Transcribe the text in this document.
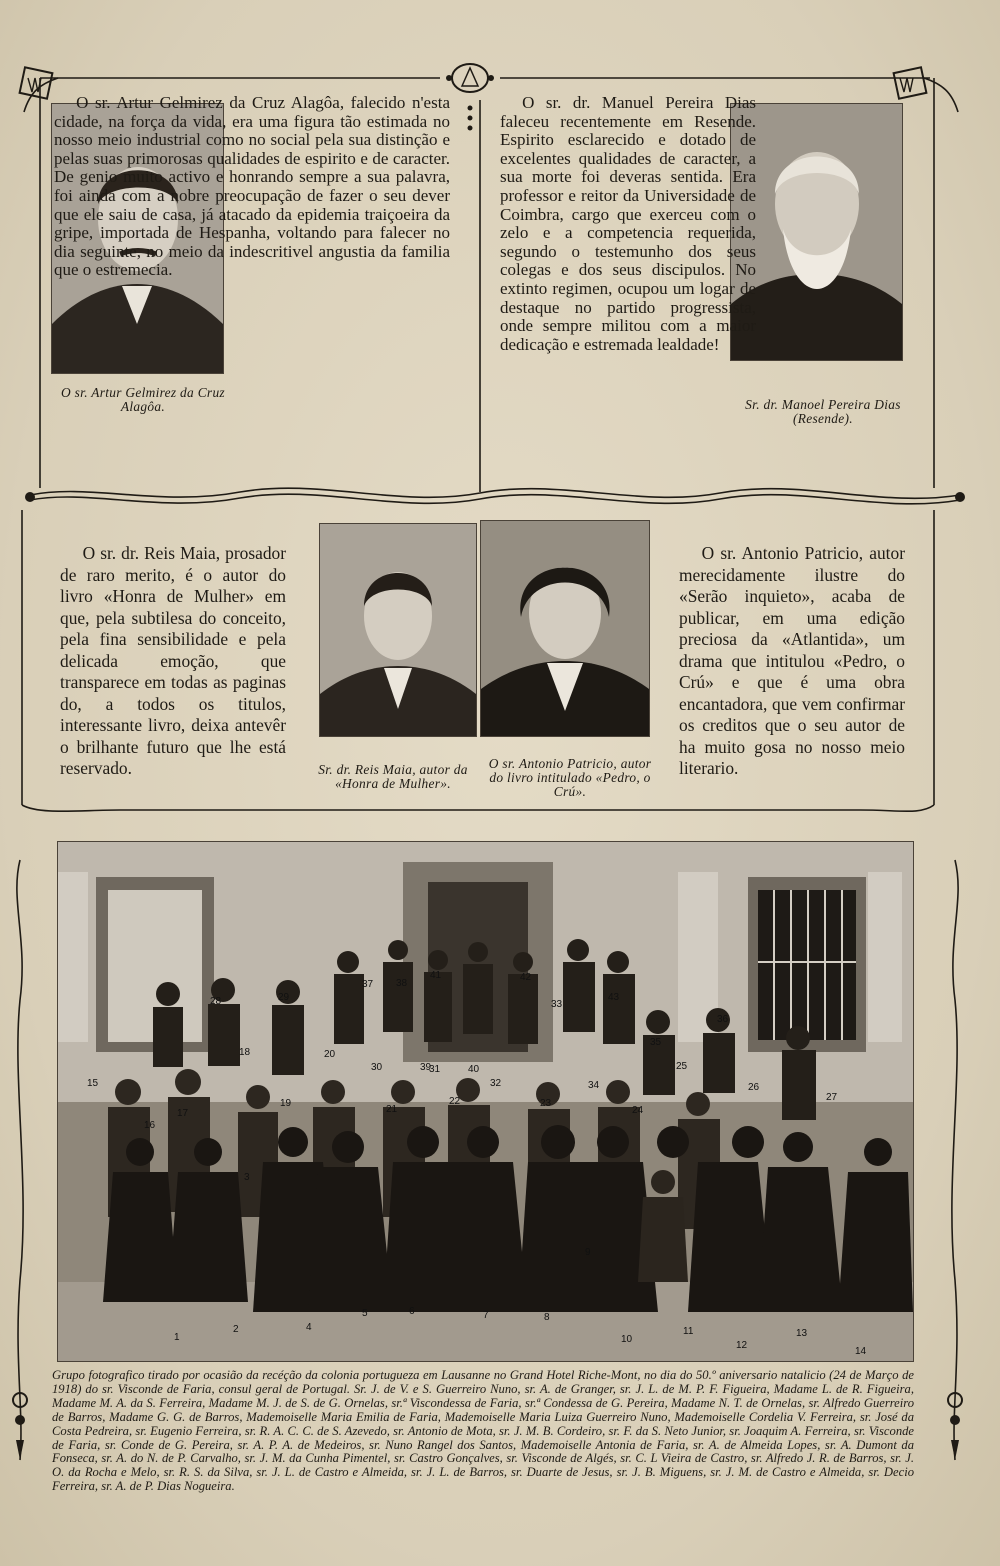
O sr. Artur Gelmirez da Cruz Alagôa.

O sr. Artur Gelmirez da Cruz Alagôa, falecido n'esta cidade, na força da vida, era uma figura tão estimada no nosso meio industrial como no social pela sua distinção e pelas suas primorosas qualidades de espirito e de caracter. De genio muito activo e honrando sempre a sua palavra, foi ainda com a nobre preocupação de fazer o seu dever que ele saiu de casa, já atacado da epidemia traiçoeira da gripe, importada de Hespanha, voltando para falecer no dia seguinte, no meio da indescritivel angustia da familia que o estremecia.

Sr. dr. Manoel Pereira Dias (Resende).

O sr. dr. Manuel Pereira Dias faleceu recentemente em Resende. Espirito esclarecido e dotado de excelentes qualidades de caracter, a sua morte foi deveras sentida. Era professor e reitor da Universidade de Coimbra, cargo que exerceu com o zelo e a competencia requerida, segundo o testemunho dos seus colegas e dos seus discipulos. No extinto regimen, ocupou um logar de destaque no partido progressista, onde sempre militou com a maior dedicação e estremada lealdade!

O sr. dr. Reis Maia, prosador de raro merito, é o autor do livro «Honra de Mulher» em que, pela subtilesa do conceito, pela fina sensibilidade e pela delicada emoção, que transparece em todas as paginas do, a todos os titulos, interessante livro, deixa antevêr o brilhante futuro que lhe está reservado.	Sr. dr. Reis Maia, autor da «Honra de Mulher».

O sr. Antonio Patricio, autor do livro intitulado «Pedro, o Crú».

O sr. Antonio Patricio, autor merecidamente ilustre do «Serão inquieto», acaba de publicar, em uma edição preciosa da «Atlantida», um drama que intitulou «Pedro, o Crú» e que é uma obra encantadora, que vem confirmar os creditos que o seu autor de ha muito gosa no nosso meio literario.

1
2
3
4
5	6	7	8
9
10
11
12
13
14
15
16
17
18
19
20
21
22	23
24
25
26
27
28	29
30	31
32
33
34
35
36
37 38
39	40
41	42
43

Grupo fotografico tirado por ocasião da recéção da colonia portugueza em Lausanne no Grand Hotel Riche-Mont, no dia do 50.º aniversario natalicio (24 de Março de 1918) do sr. Visconde de Faria, consul geral de Portugal. Sr. J. de V. e S. Guerreiro Nuno, sr. A. de Granger, sr. J. L. de M. P. F. Figueira, Madame L. de R. Figueira, Madame M. A. da S. Ferreira, Madame M. J. de S. de G. Ornelas, sr.ª Viscondessa de Faria, sr.ª Condessa de G. Pereira, Madame N. T. de Ornelas, sr. Alfredo Guerreiro de Barros, Madame G. G. de Barros, Mademoiselle Maria Emilia de Faria, Mademoiselle Maria Luiza Guerreiro Nuno, Mademoiselle Cordelia V. Ferreira, sr. José da Costa Pedreira, sr. Eugenio Ferreira, sr. R. A. C. C. de S. Azevedo, sr. Antonio de Mota, sr. J. M. B. Cordeiro, sr. F. da S. Neto Junior, sr. Joaquim A. Ferreira, sr. Visconde de Faria, sr. Conde de G. Pereira, sr. A. P. A. de Medeiros, sr. Nuno Rangel dos Santos, Mademoiselle Antonia de Faria, sr. A. de Almeida Lopes, sr. A. Dumont da Fonseca, sr. A. do N. de P. Carvalho, sr. J. M. da Cunha Pimentel, sr. Castro Gonçalves, sr. Visconde de Algés, sr. C. L Vieira de Castro, sr. Alfredo J. R. de Barros, sr. J. O. da Rocha e Melo, sr. R. S. da Silva, sr. J. L. de Castro e Almeida, sr. J. L. de Barros, sr. Duarte de Jesus, sr. J. B. Miguens, sr. J. M. de Castro e Almeida, sr. Decio Ferreira, sr. A. de P. Dias Nogueira.
